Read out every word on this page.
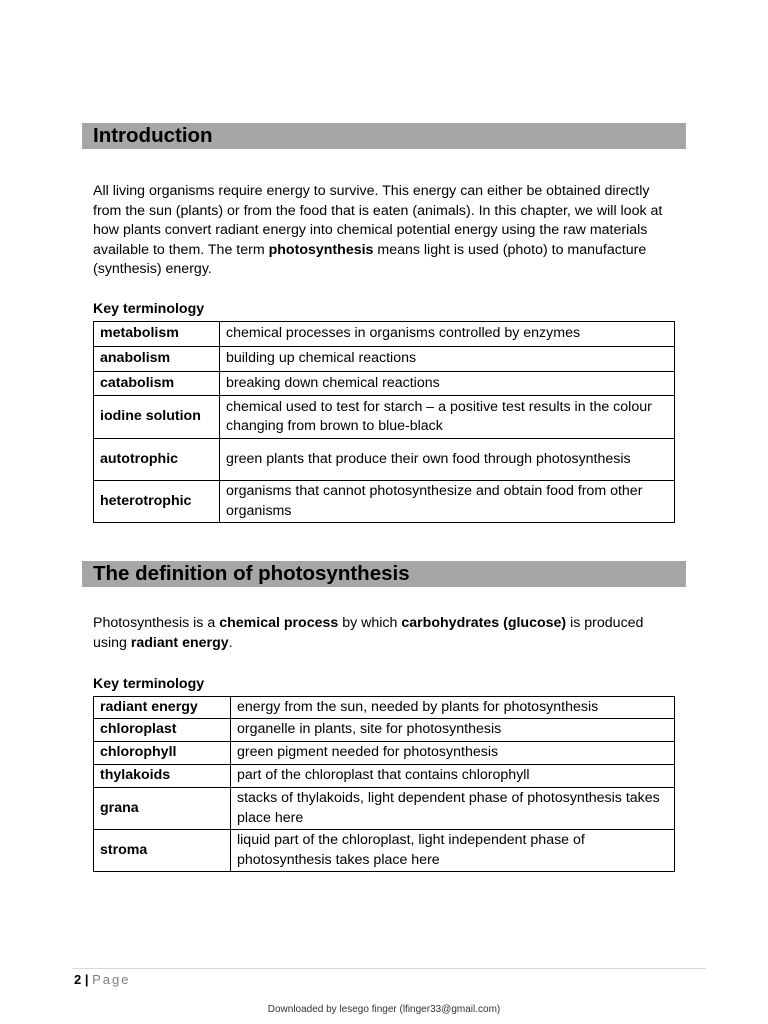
Introduction

All living organisms require energy to survive. This energy can either be obtained directly from the sun (plants) or from the food that is eaten (animals). In this chapter, we will look at how plants convert radiant energy into chemical potential energy using the raw materials available to them. The term photosynthesis means light is used (photo) to manufacture (synthesis) energy.

Key terminology
metabolism	chemical processes in organisms controlled by enzymes
anabolism	building up chemical reactions
catabolism	breaking down chemical reactions
iodine solution	chemical used to test for starch – a positive test results in the colour changing from brown to blue-black
autotrophic	green plants that produce their own food through photosynthesis
heterotrophic	organisms that cannot photosynthesize and obtain food from other organisms
The definition of photosynthesis

Photosynthesis is a chemical process by which carbohydrates (glucose) is produced using radiant energy.

Key terminology
radiant energy	energy from the sun, needed by plants for photosynthesis
chloroplast	organelle in plants, site for photosynthesis
chlorophyll	green pigment needed for photosynthesis
thylakoids	part of the chloroplast that contains chlorophyll
grana	stacks of thylakoids, light dependent phase of photosynthesis takes place here
stroma	liquid part of the chloroplast, light independent phase of photosynthesis takes place here
2 | Page
Downloaded by lesego finger (lfinger33@gmail.com)
